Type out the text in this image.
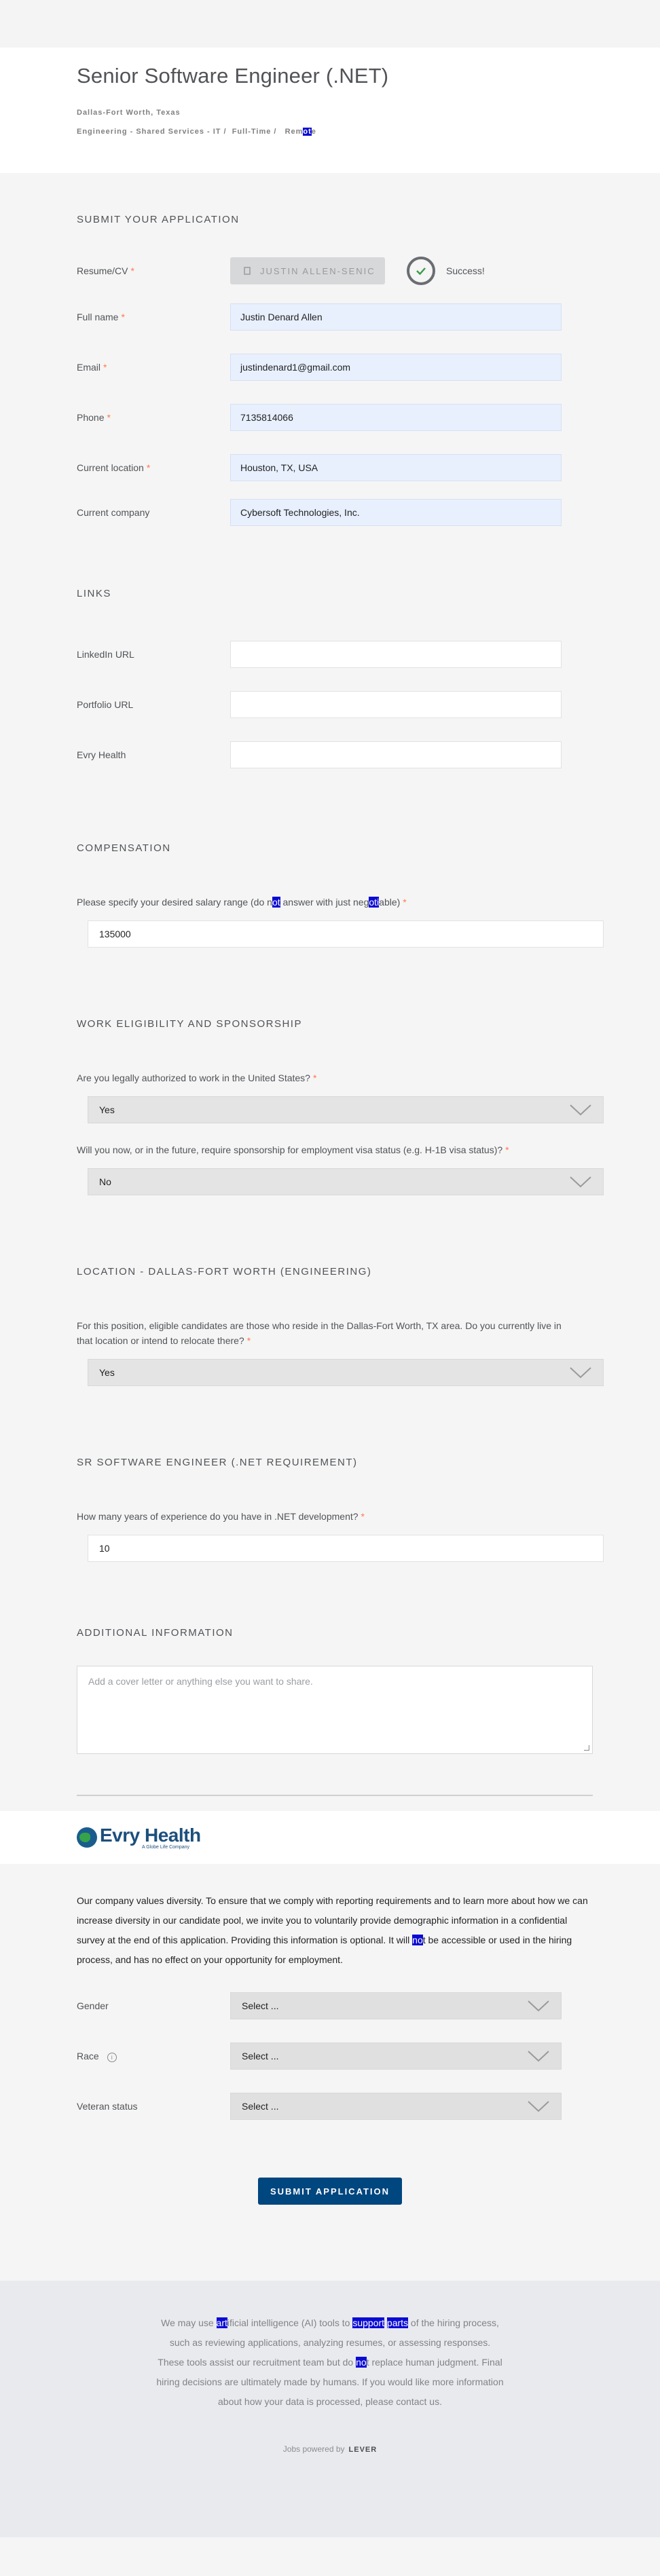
Senior Software Engineer (.NET)
Dallas-Fort Worth, Texas
Engineering - Shared Services - IT / Full-Time / Remote
SUBMIT YOUR APPLICATION
Resume/CV *	JUSTIN ALLEN-SENIC	Success!
Full name *	Justin Denard Allen
Email *	justindenard1@gmail.com
Phone *	7135814066
Current location *	Houston, TX, USA
Current company	Cybersoft Technologies, Inc.
LINKS
LinkedIn URL
Portfolio URL
Evry Health
COMPENSATION
Please specify your desired salary range (do not answer with just negotiable) *
135000
WORK ELIGIBILITY AND SPONSORSHIP
Are you legally authorized to work in the United States? *
Yes
Will you now, or in the future, require sponsorship for employment visa status (e.g. H-1B visa status)? *
No
LOCATION - DALLAS-FORT WORTH (ENGINEERING)
For this position, eligible candidates are those who reside in the Dallas-Fort Worth, TX area. Do you currently live in that location or intend to relocate there? *
Yes
SR SOFTWARE ENGINEER (.NET REQUIREMENT)
How many years of experience do you have in .NET development? *
10
ADDITIONAL INFORMATION
Add a cover letter or anything else you want to share.
Evry Health
A Globe Life Company

Our company values diversity. To ensure that we comply with reporting requirements and to learn more about how we can increase diversity in our candidate pool, we invite you to voluntarily provide demographic information in a confidential survey at the end of this application. Providing this information is optional. It will not be accessible or used in the hiring process, and has no effect on your opportunity for employment.

Gender	Select ...
Race i	Select ...
Veteran status	Select ...
SUBMIT APPLICATION

We may use artificial intelligence (AI) tools to support parts of the hiring process, such as reviewing applications, analyzing resumes, or assessing responses. These tools assist our recruitment team but do not replace human judgment. Final hiring decisions are ultimately made by humans. If you would like more information about how your data is processed, please contact us.

Jobs powered by LEVER
